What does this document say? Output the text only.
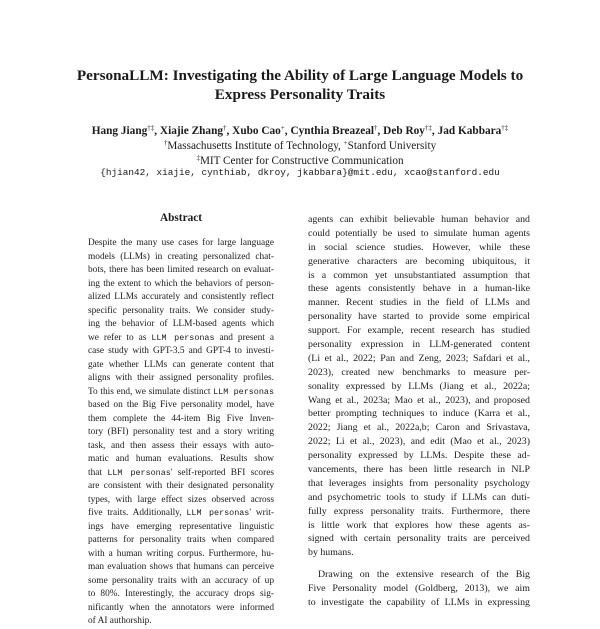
PersonaLLM: Investigating the Ability of Large Language Models to
Express Personality Traits
Hang Jiang†‡, Xiajie Zhang†, Xubo Cao+, Cynthia Breazeal†, Deb Roy†‡, Jad Kabbara†‡
†Massachusetts Institute of Technology, +Stanford University
‡MIT Center for Constructive Communication
{hjian42, xiajie, cynthiab, dkroy, jkabbara}@mit.edu, xcao@stanford.edu
Abstract
Despite the many use cases for large language
models (LLMs) in creating personalized chat-
bots, there has been limited research on evaluat-
ing the extent to which the behaviors of person-
alized LLMs accurately and consistently reflect
specific personality traits. We consider study-
ing the behavior of LLM-based agents which
we refer to as LLM personas and present a
case study with GPT-3.5 and GPT-4 to investi-
gate whether LLMs can generate content that
aligns with their assigned personality profiles.
To this end, we simulate distinct LLM personas
based on the Big Five personality model, have
them complete the 44-item Big Five Inven-
tory (BFI) personality test and a story writing
task, and then assess their essays with auto-
matic and human evaluations. Results show
that LLM personas' self-reported BFI scores
are consistent with their designated personality
types, with large effect sizes observed across
five traits. Additionally, LLM personas' writ-
ings have emerging representative linguistic
patterns for personality traits when compared
with a human writing corpus. Furthermore, hu-
man evaluation shows that humans can perceive
some personality traits with an accuracy of up
to 80%. Interestingly, the accuracy drops sig-
nificantly when the annotators were informed
of AI authorship.
agents can exhibit believable human behavior and
could potentially be used to simulate human agents
in social science studies. However, while these
generative characters are becoming ubiquitous, it
is a common yet unsubstantiated assumption that
these agents consistently behave in a human-like
manner. Recent studies in the field of LLMs and
personality have started to provide some empirical
support. For example, recent research has studied
personality expression in LLM-generated content
(Li et al., 2022; Pan and Zeng, 2023; Safdari et al.,
2023), created new benchmarks to measure per-
sonality expressed by LLMs (Jiang et al., 2022a;
Wang et al., 2023a; Mao et al., 2023), and proposed
better prompting techniques to induce (Karra et al.,
2022; Jiang et al., 2022a,b; Caron and Srivastava,
2022; Li et al., 2023), and edit (Mao et al., 2023)
personality expressed by LLMs. Despite these ad-
vancements, there has been little research in NLP
that leverages insights from personality psychology
and psychometric tools to study if LLMs can duti-
fully express personality traits. Furthermore, there
is little work that explores how these agents as-
signed with certain personality traits are perceived
by humans.
Drawing on the extensive research of the Big
Five Personality model (Goldberg, 2013), we aim
to investigate the capability of LLMs in expressing
